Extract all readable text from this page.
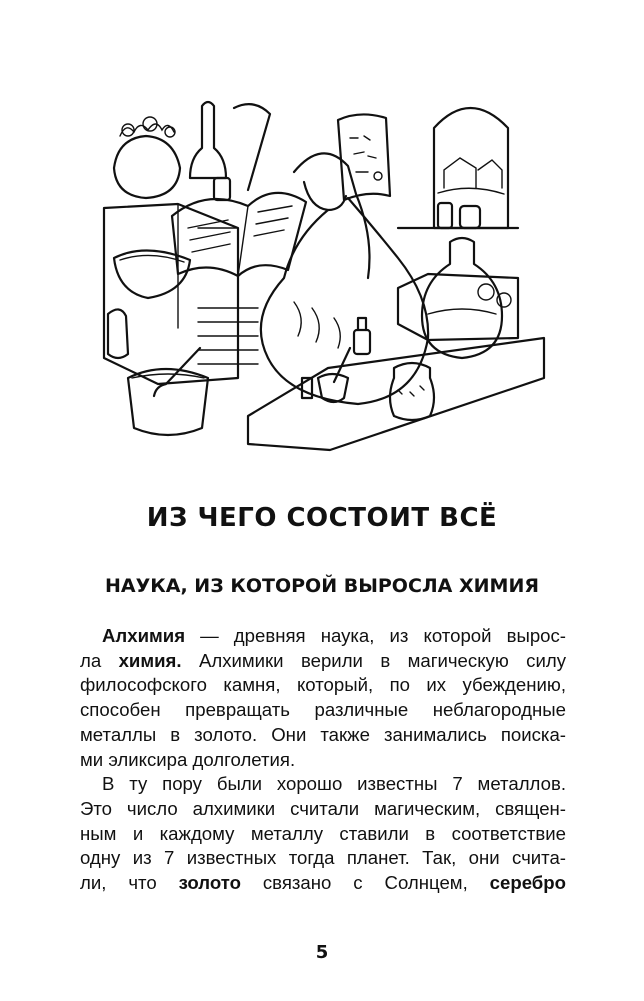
ИЗ ЧЕГО СОСТОИТ ВСЁ
НАУКА, ИЗ КОТОРОЙ ВЫРОСЛА ХИМИЯ

Алхимия — древняя наука, из которой вырос-
ла химия. Алхимики верили в магическую силу
философского камня, который, по их убеждению,
способен превращать различные неблагородные
металлы в золото. Они также занимались поиска-
ми эликсира долголетия.

В ту пору были хорошо известны 7 металлов.
Это число алхимики считали магическим, священ-
ным и каждому металлу ставили в соответствие
одну из 7 известных тогда планет. Так, они счита-
ли, что золото связано с Солнцем, серебро

5
